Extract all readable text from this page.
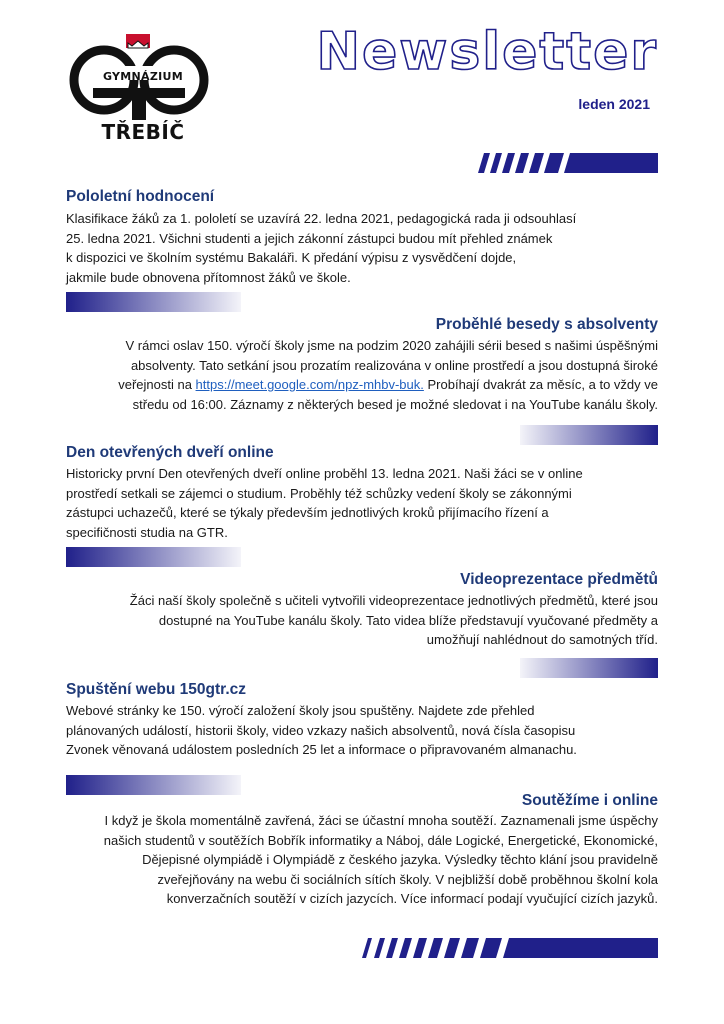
GYMNÁZIUM
TŘEBÍČ
Newsletter
leden 2021
Pololetní hodnocení
Klasifikace žáků za 1. pololetí se uzavírá 22. ledna 2021, pedagogická rada ji odsouhlasí
25. ledna 2021. Všichni studenti a jejich zákonní zástupci budou mít přehled známek
k dispozici ve školním systému Bakaláři. K předání výpisu z vysvědčení dojde,
jakmile bude obnovena přítomnost žáků ve škole.
Proběhlé besedy s absolventy
V rámci oslav 150. výročí školy jsme na podzim 2020 zahájili sérii besed s našimi úspěšnými
absolventy. Tato setkání jsou prozatím realizována v online prostředí a jsou dostupná široké
veřejnosti na https://meet.google.com/npz-mhbv-buk. Probíhají dvakrát za měsíc, a to vždy ve
středu od 16:00. Záznamy z některých besed je možné sledovat i na YouTube kanálu školy.
Den otevřených dveří online
Historicky první Den otevřených dveří online proběhl 13. ledna 2021. Naši žáci se v online
prostředí setkali se zájemci o studium. Proběhly též schůzky vedení školy se zákonnými
zástupci uchazečů, které se týkaly především jednotlivých kroků přijímacího řízení a
specifičnosti studia na GTR.
Videoprezentace předmětů
Žáci naší školy společně s učiteli vytvořili videoprezentace jednotlivých předmětů, které jsou
dostupné na YouTube kanálu školy. Tato videa blíže představují vyučované předměty a
umožňují nahlédnout do samotných tříd.
Spuštění webu 150gtr.cz
Webové stránky ke 150. výročí založení školy jsou spuštěny. Najdete zde přehled
plánovaných událostí, historii školy, video vzkazy našich absolventů, nová čísla časopisu
Zvonek věnovaná událostem posledních 25 let a informace o připravovaném almanachu.
Soutěžíme i online
I když je škola momentálně zavřená, žáci se účastní mnoha soutěží. Zaznamenali jsme úspěchy
našich studentů v soutěžích Bobřík informatiky a Náboj, dále Logické, Energetické, Ekonomické,
Dějepisné olympiádě i Olympiádě z českého jazyka. Výsledky těchto klání jsou pravidelně
zveřejňovány na webu či sociálních sítích školy. V nejbližší době proběhnou školní kola
konverzačních soutěží v cizích jazycích. Více informací podají vyučující cizích jazyků.
